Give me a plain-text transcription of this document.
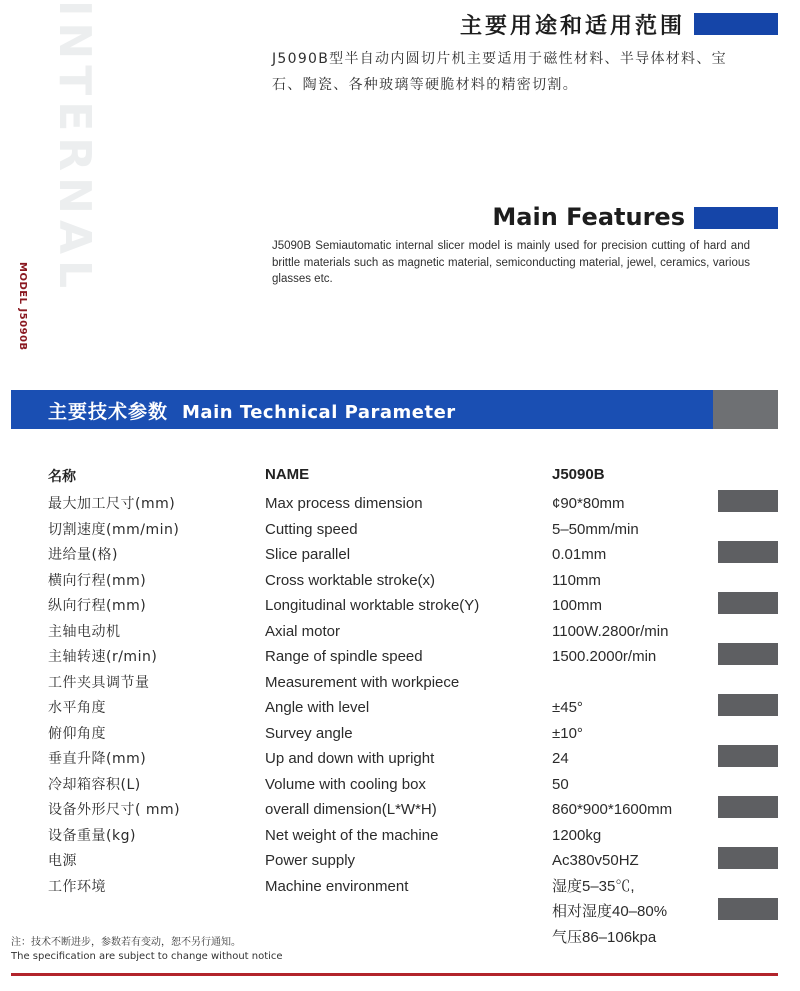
INTERNAL
MODEL J5090B
主要用途和适用范围
J5090B型半自动内圆切片机主要适用于磁性材料、半导体材料、宝石、陶瓷、各种玻璃等硬脆材料的精密切割。
Main Features
J5090B Semiautomatic internal slicer model is mainly used for precision cutting of hard and brittle materials such as magnetic material, semiconducting material, jewel, ceramics, various glasses etc.
主要技术参数 Main Technical Parameter
名称	NAME	J5090B
最大加工尺寸(mm)	Max process dimension	¢90*80mm
切割速度(mm/min)	Cutting speed	5–50mm/min
进给量(格)	Slice parallel	0.01mm
横向行程(mm)	Cross worktable stroke(x)	110mm
纵向行程(mm)	Longitudinal worktable stroke(Y)	100mm
主轴电动机	Axial motor	1100W.2800r/min
主轴转速(r/min)	Range of spindle speed	1500.2000r/min
工件夹具调节量	Measurement with workpiece
水平角度	Angle with level	±45°
俯仰角度	Survey angle	±10°
垂直升降(mm)	Up and down with upright	24
冷却箱容积(L)	Volume with cooling box	50
设备外形尺寸( mm)	overall dimension(L*W*H)	860*900*1600mm
设备重量(kg)	Net weight of the machine	1200kg
电源	Power supply	Ac380v50HZ
工作环境	Machine environment	湿度5–35℃,
相对湿度40–80%
气压86–106kpa
注：技术不断进步，参数若有变动，恕不另行通知。
The specification are subject to change without notice
